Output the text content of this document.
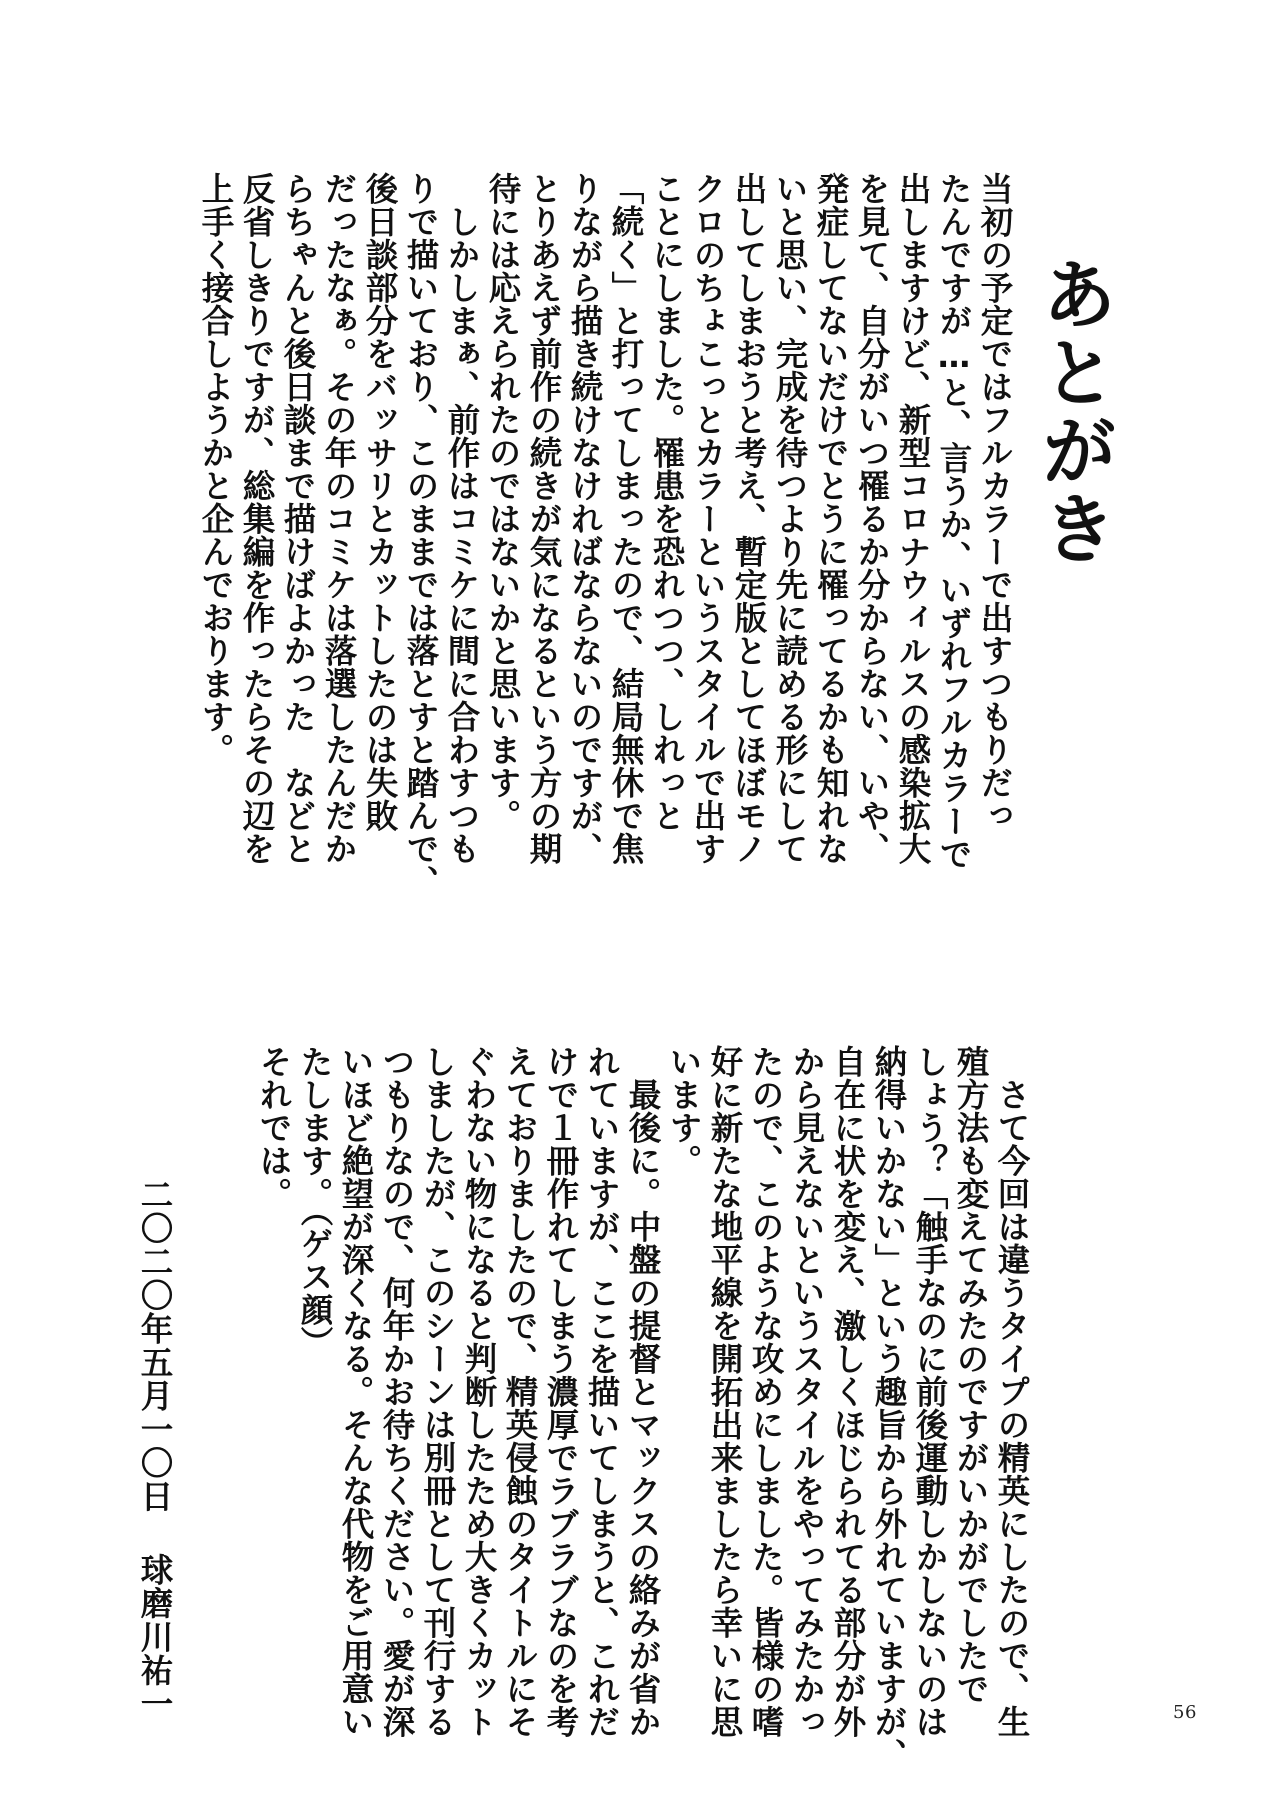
あとがき
当初の予定ではフルカラーで出すつもりだっ
たんですが…と、言うか、いずれフルカラーで
出しますけど、新型コロナウィルスの感染拡大
を見て、自分がいつ罹るか分からない、いや、
発症してないだけでとうに罹ってるかも知れな
いと思い、完成を待つより先に読める形にして
出してしまおうと考え、暫定版としてほぼモノ
クロのちょこっとカラーというスタイルで出す
ことにしました。罹患を恐れつつ、しれっと
「続く」と打ってしまったので、結局無休で焦
りながら描き続けなければならないのですが、
とりあえず前作の続きが気になるという方の期
待には応えられたのではないかと思います。
　しかしまぁ、前作はコミケに間に合わすつも
りで描いており、このままでは落とすと踏んで、
後日談部分をバッサリとカットしたのは失敗
だったなぁ。その年のコミケは落選したんだか
らちゃんと後日談まで描けばよかった　などと
反省しきりですが、総集編を作ったらその辺を
上手く接合しようかと企んでおります。
　さて今回は違うタイプの精英にしたので、生
殖方法も変えてみたのですがいかがでしたで
しょう？「触手なのに前後運動しかしないのは
納得いかない」という趣旨から外れていますが、
自在に状を変え、激しくほじられてる部分が外
から見えないというスタイルをやってみたかっ
たので、このような攻めにしました。皆様の嗜
好に新たな地平線を開拓出来ましたら幸いに思
います。
　最後に。中盤の提督とマックスの絡みが省か
れていますが、ここを描いてしまうと、これだ
けで１冊作れてしまう濃厚でラブラブなのを考
えておりましたので、精英侵蝕のタイトルにそ
ぐわない物になると判断したため大きくカット
しましたが、このシーンは別冊として刊行する
つもりなので、何年かお待ちください。愛が深
いほど絶望が深くなる。そんな代物をご用意い
たします。（ゲス顔）
それでは。
二〇二〇年五月一〇日球磨川祐一	56
